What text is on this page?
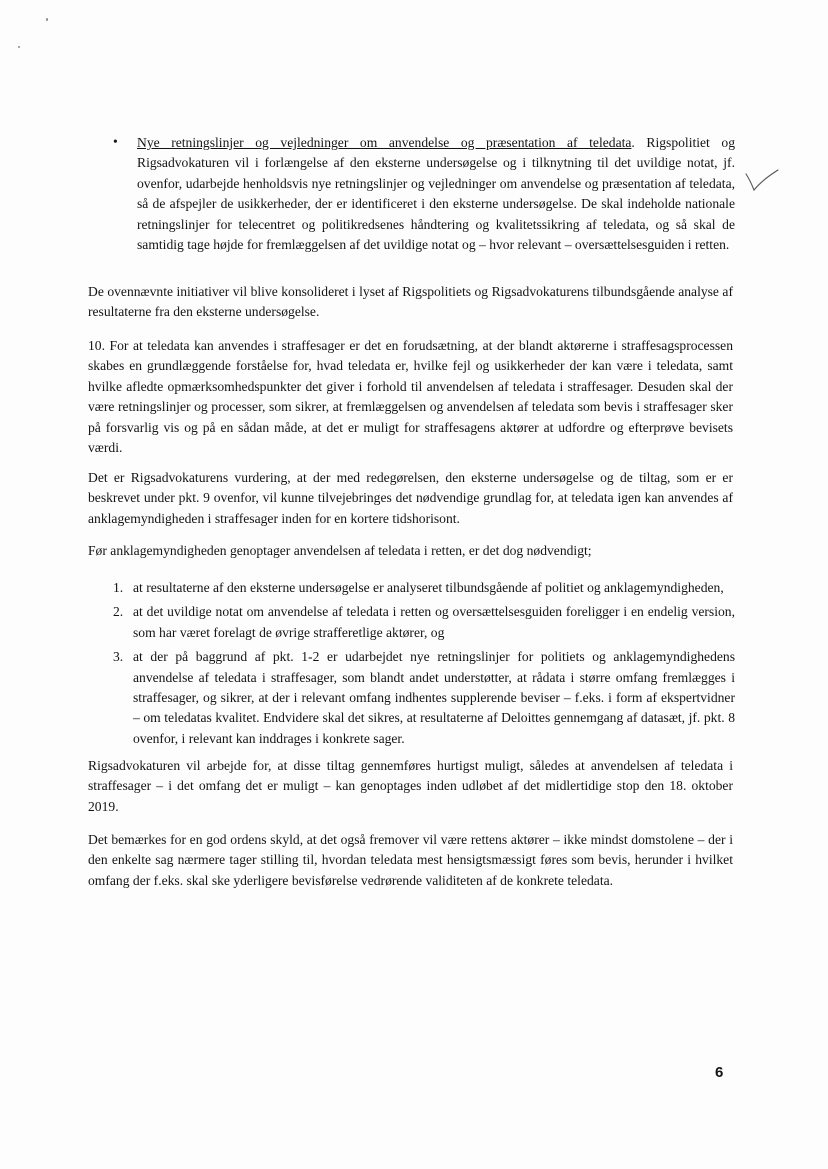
• Nye retningslinjer og vejledninger om anvendelse og præsentation af teledata. Rigspolitiet og Rigsadvokaturen vil i forlængelse af den eksterne undersøgelse og i tilknytning til det uvildige notat, jf. ovenfor, udarbejde henholdsvis nye retningslinjer og vejledninger om anvendelse og præsentation af teledata, så de afspejler de usikkerheder, der er identificeret i den eksterne undersøgelse. De skal indeholde nationale retningslinjer for telecentret og politikredsenes håndtering og kvalitetssikring af teledata, og så skal de samtidig tage højde for fremlæggelsen af det uvildige notat og – hvor relevant – oversættelsesguiden i retten.

De ovennævnte initiativer vil blive konsolideret i lyset af Rigspolitiets og Rigsadvokaturens tilbundsgående analyse af resultaterne fra den eksterne undersøgelse.

10. For at teledata kan anvendes i straffesager er det en forudsætning, at der blandt aktørerne i straffesagsprocessen skabes en grundlæggende forståelse for, hvad teledata er, hvilke fejl og usikkerheder der kan være i teledata, samt hvilke afledte opmærksomhedspunkter det giver i forhold til anvendelsen af teledata i straffesager. Desuden skal der være retningslinjer og processer, som sikrer, at fremlæggelsen og anvendelsen af teledata som bevis i straffesager sker på forsvarlig vis og på en sådan måde, at det er muligt for straffesagens aktører at udfordre og efterprøve bevisets værdi.

Det er Rigsadvokaturens vurdering, at der med redegørelsen, den eksterne undersøgelse og de tiltag, som er er beskrevet under pkt. 9 ovenfor, vil kunne tilvejebringes det nødvendige grundlag for, at teledata igen kan anvendes af anklagemyndigheden i straffesager inden for en kortere tidshorisont.

Før anklagemyndigheden genoptager anvendelsen af teledata i retten, er det dog nødvendigt;

1. at resultaterne af den eksterne undersøgelse er analyseret tilbundsgående af politiet og anklagemyndigheden,
2. at det uvildige notat om anvendelse af teledata i retten og oversættelsesguiden foreligger i en endelig version, som har været forelagt de øvrige strafferetlige aktører, og
3. at der på baggrund af pkt. 1-2 er udarbejdet nye retningslinjer for politiets og anklagemyndighedens anvendelse af teledata i straffesager, som blandt andet understøtter, at rådata i større omfang fremlægges i straffesager, og sikrer, at der i relevant omfang indhentes supplerende beviser – f.eks. i form af ekspertvidner – om teledatas kvalitet. Endvidere skal det sikres, at resultaterne af Deloittes gennemgang af datasæt, jf. pkt. 8 ovenfor, i relevant kan inddrages i konkrete sager.

Rigsadvokaturen vil arbejde for, at disse tiltag gennemføres hurtigst muligt, således at anvendelsen af teledata i straffesager – i det omfang det er muligt – kan genoptages inden udløbet af det midlertidige stop den 18. oktober 2019.

Det bemærkes for en god ordens skyld, at det også fremover vil være rettens aktører – ikke mindst domstolene – der i den enkelte sag nærmere tager stilling til, hvordan teledata mest hensigtsmæssigt føres som bevis, herunder i hvilket omfang der f.eks. skal ske yderligere bevisførelse vedrørende validiteten af de konkrete teledata.

6
